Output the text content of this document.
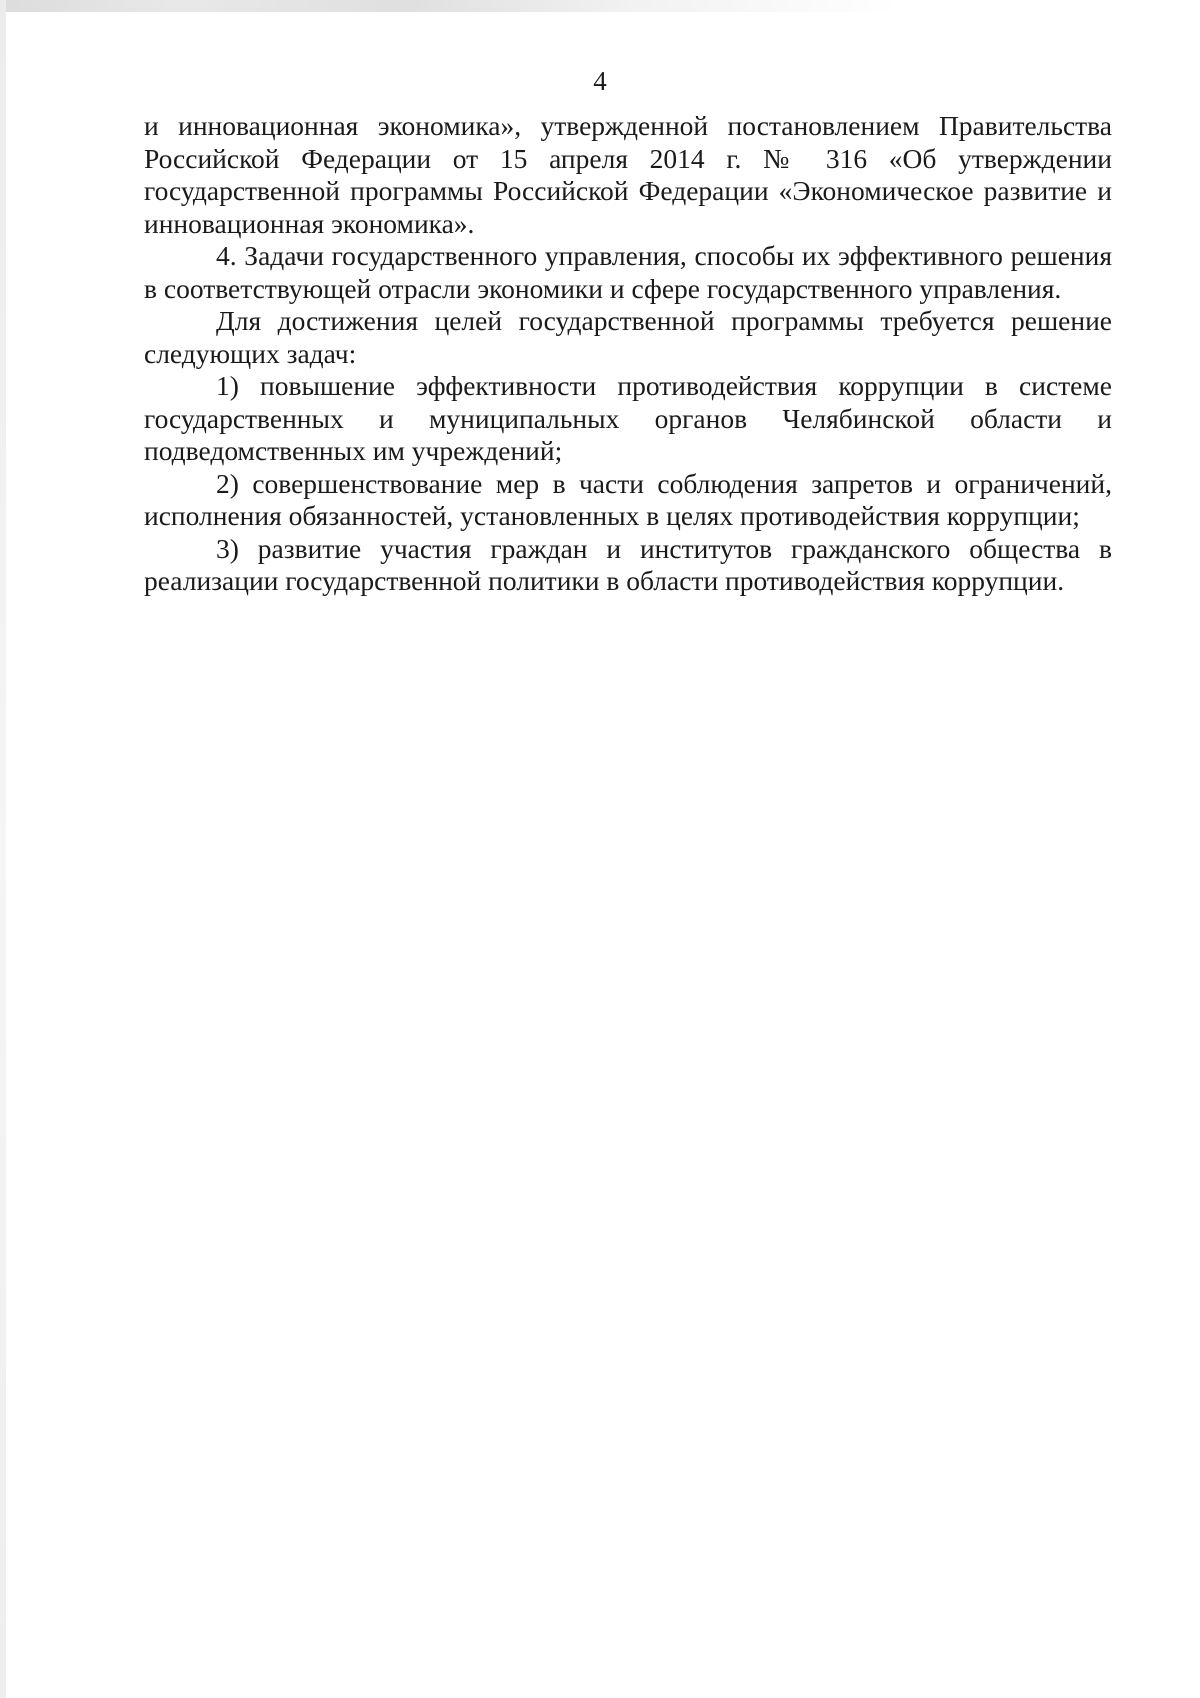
4

и инновационная экономика», утвержденной постановлением Правительства Российской Федерации от 15 апреля 2014 г. № 316 «Об утверждении государственной программы Российской Федерации «Экономическое развитие и инновационная экономика».

4. Задачи государственного управления, способы их эффективного решения в соответствующей отрасли экономики и сфере государственного управления.

Для достижения целей государственной программы требуется решение следующих задач:

1) повышение эффективности противодействия коррупции в системе государственных и муниципальных органов Челябинской области и подведомственных им учреждений;

2) совершенствование мер в части соблюдения запретов и ограничений, исполнения обязанностей, установленных в целях противодействия коррупции;

3) развитие участия граждан и институтов гражданского общества в реализации государственной политики в области противодействия коррупции.
